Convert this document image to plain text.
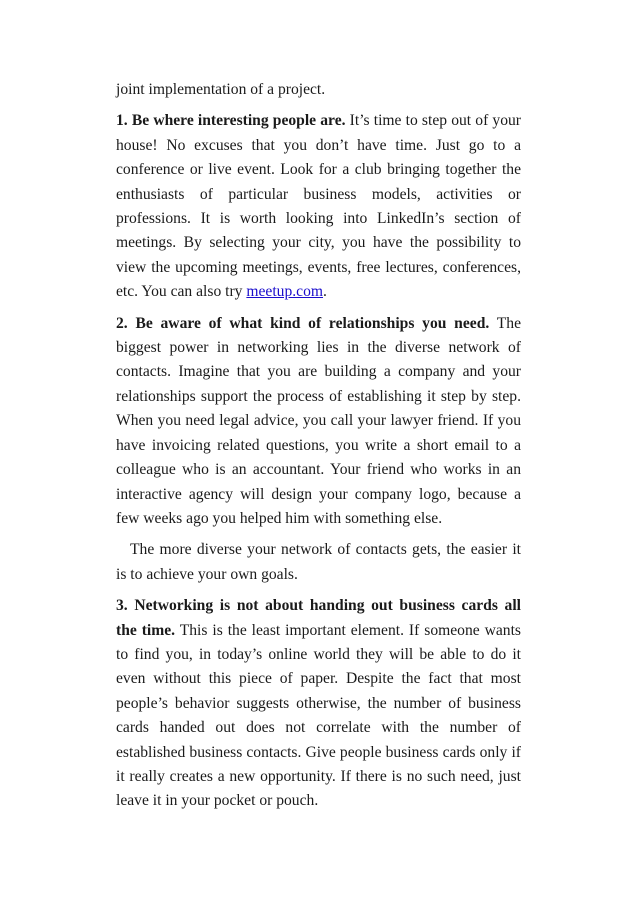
joint implementation of a project.

1. Be where interesting people are. It’s time to step out of your house! No excuses that you don’t have time. Just go to a conference or live event. Look for a club bringing together the enthusiasts of particular business models, activities or professions. It is worth looking into LinkedIn’s section of meetings. By selecting your city, you have the possibility to view the upcoming meetings, events, free lectures, conferences, etc. You can also try meetup.com.

2. Be aware of what kind of relationships you need. The biggest power in networking lies in the diverse network of contacts. Imagine that you are building a company and your relationships support the process of establishing it step by step. When you need legal advice, you call your lawyer friend. If you have invoicing related questions, you write a short email to a colleague who is an accountant. Your friend who works in an interactive agency will design your company logo, because a few weeks ago you helped him with something else.

The more diverse your network of contacts gets, the easier it is to achieve your own goals.

3. Networking is not about handing out business cards all the time. This is the least important element. If someone wants to find you, in today’s online world they will be able to do it even without this piece of paper. Despite the fact that most people’s behavior suggests otherwise, the number of business cards handed out does not correlate with the number of established business contacts. Give people business cards only if it really creates a new opportunity. If there is no such need, just leave it in your pocket or pouch.
